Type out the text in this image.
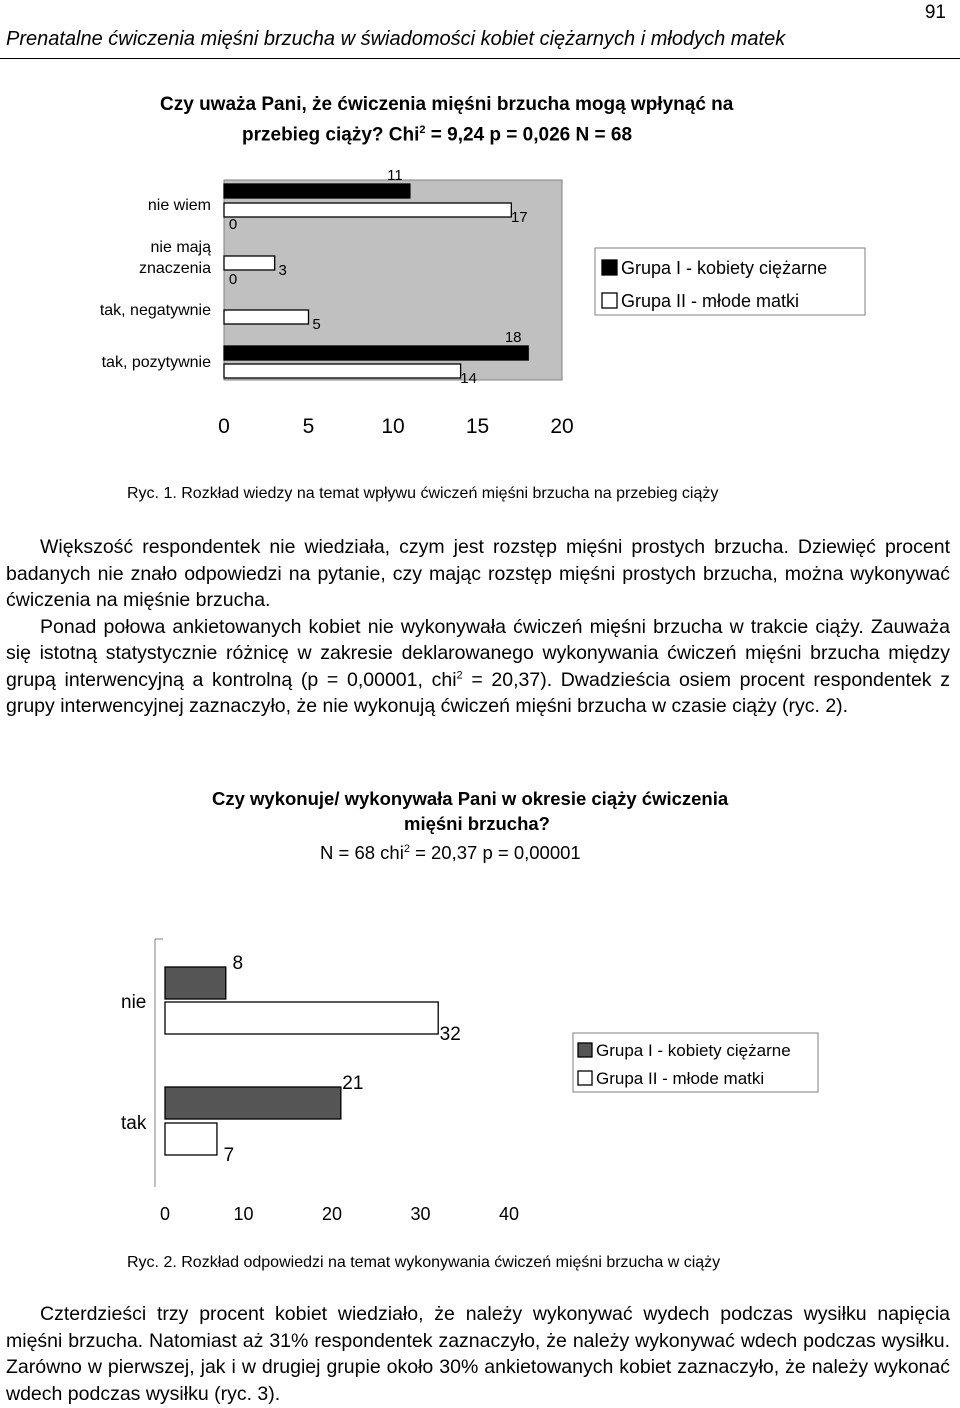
Prenatalne ćwiczenia mięśni brzucha w świadomości kobiet ciężarnych i młodych matek
91
Czy uważa Pani, że ćwiczenia mięśni brzucha mogą wpłynąć na
przebieg ciąży? Chi$^2$ = 9,24 p = 0,026 N = 68
11
17
0
3
0
5
18
14
nie wiem
nie mają
znaczenia
tak, negatywnie
tak, pozytywnie
0	5	10	15	20
Grupa I - kobiety ciężarne
Grupa II - młode matki
Ryc. 1. Rozkład wiedzy na temat wpływu ćwiczeń mięśni brzucha na przebieg ciąży

Większość respondentek nie wiedziała, czym jest rozstęp mięśni prostych brzucha. Dziewięć procent badanych nie znało odpowiedzi na pytanie, czy mając rozstęp mięśni prostych brzucha, można wykonywać ćwiczenia na mięśnie brzucha.

Ponad połowa ankietowanych kobiet nie wykonywała ćwiczeń mięśni brzucha w trakcie ciąży. Zauważa się istotną statystycznie różnicę w zakresie deklarowanego wykonywania ćwiczeń mięśni brzucha między grupą interwencyjną a kontrolną (p = 0,00001, chi$^2$ = 20,37). Dwadzieścia osiem procent respondentek z grupy interwencyjnej zaznaczyło, że nie wykonują ćwiczeń mięśni brzucha w czasie ciąży (ryc. 2).

Czy wykonuje/ wykonywała Pani w okresie ciąży ćwiczenia
mięśni brzucha?
N = 68 chi$^2$ = 20,37 p = 0,00001
8
32
21
7
nie
tak
0	10	20	30	40
Grupa I - kobiety ciężarne
Grupa II - młode matki
Ryc. 2. Rozkład odpowiedzi na temat wykonywania ćwiczeń mięśni brzucha w ciąży

Czterdzieści trzy procent kobiet wiedziało, że należy wykonywać wydech podczas wysiłku napięcia mięśni brzucha. Natomiast aż 31% respondentek zaznaczyło, że należy wykonywać wdech podczas wysiłku. Zarówno w pierwszej, jak i w drugiej grupie około 30% ankietowanych kobiet zaznaczyło, że należy wykonać wdech podczas wysiłku (ryc. 3).
